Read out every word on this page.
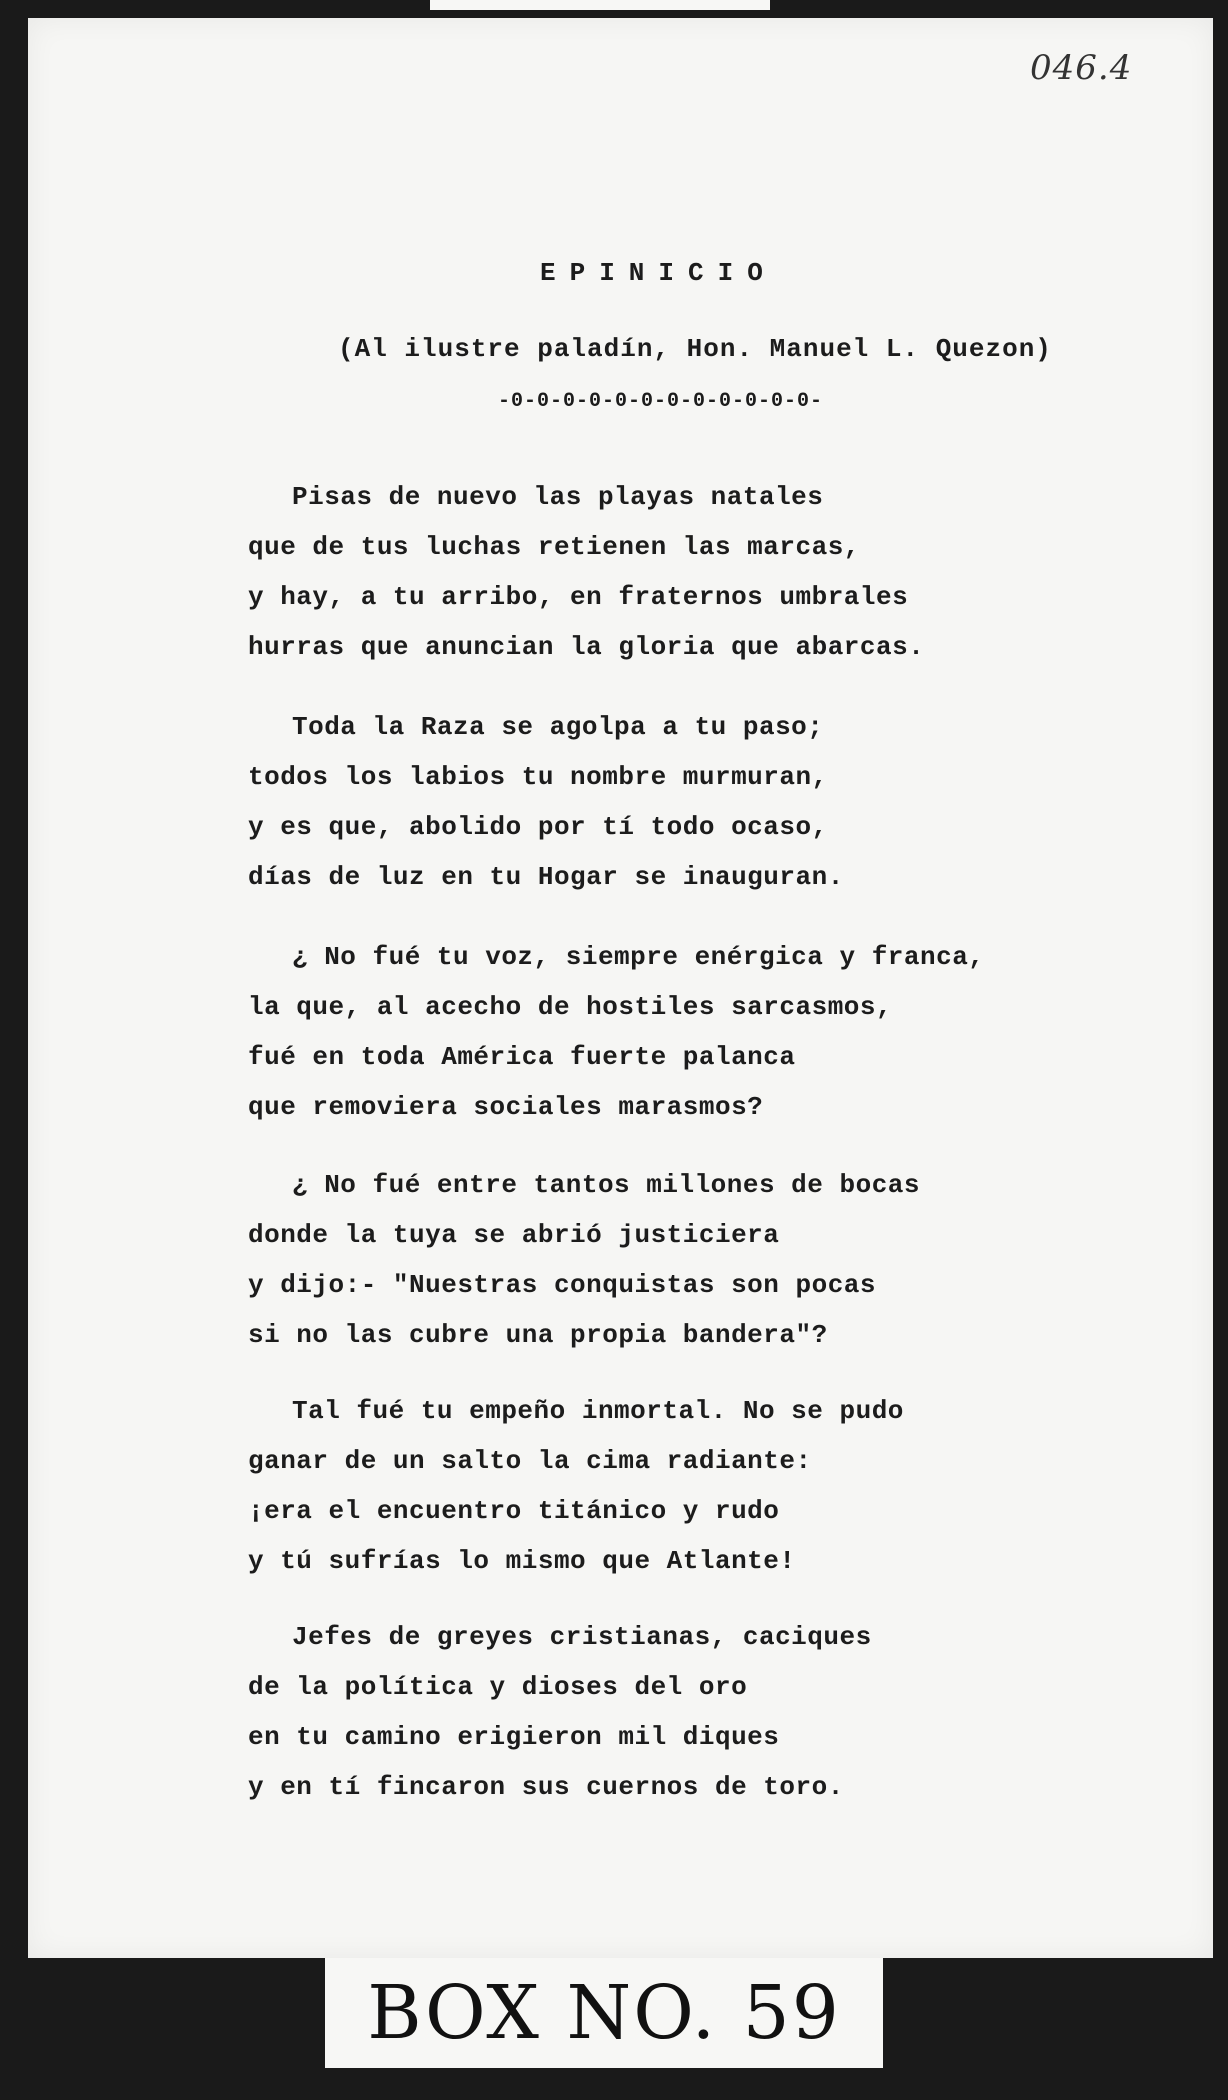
046.4
EPINICIO
(Al ilustre paladín, Hon. Manuel L. Quezon)
-0-0-0-0-0-0-0-0-0-0-0-0-
Pisas de nuevo las playas natales
que de tus luchas retienen las marcas,
y hay, a tu arribo, en fraternos umbrales
hurras que anuncian la gloria que abarcas.
Toda la Raza se agolpa a tu paso;
todos los labios tu nombre murmuran,
y es que, abolido por tí todo ocaso,
días de luz en tu Hogar se inauguran.
¿ No fué tu voz, siempre enérgica y franca,
la que, al acecho de hostiles sarcasmos,
fué en toda América fuerte palanca
que removiera sociales marasmos?
¿ No fué entre tantos millones de bocas
donde la tuya se abrió justiciera
y dijo:- "Nuestras conquistas son pocas
si no las cubre una propia bandera"?
Tal fué tu empeño inmortal. No se pudo
ganar de un salto la cima radiante:
¡era el encuentro titánico y rudo
y tú sufrías lo mismo que Atlante!
Jefes de greyes cristianas, caciques
de la política y dioses del oro
en tu camino erigieron mil diques
y en tí fincaron sus cuernos de toro.
BOX NO. 59
